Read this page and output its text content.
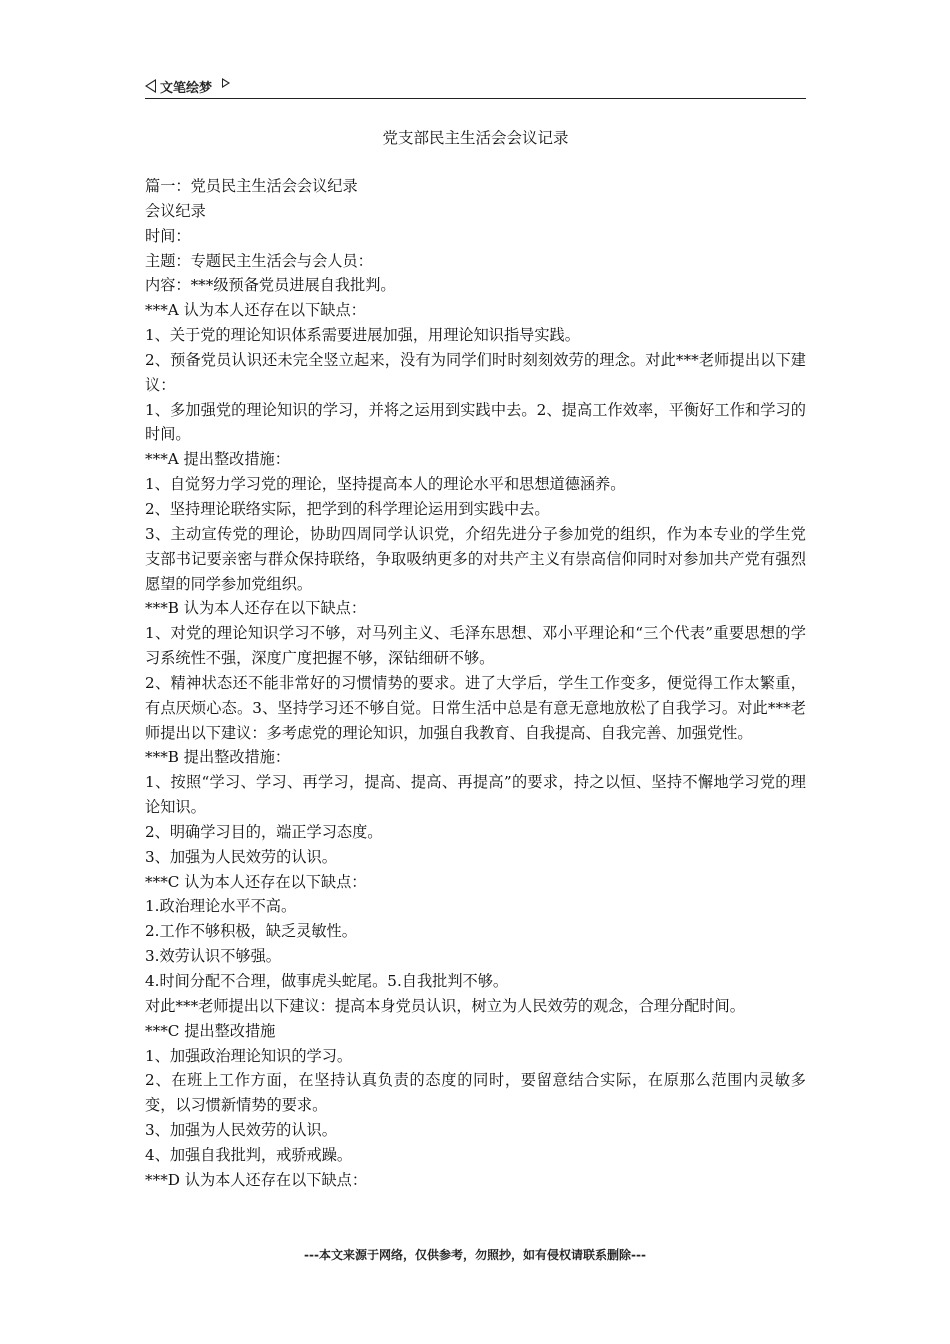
文笔绘梦
党支部民主生活会会议记录

篇一：党员民主生活会会议纪录

会议纪录

时间：

主题：专题民主生活会与会人员：

内容：***级预备党员进展自我批判。

***A 认为本人还存在以下缺点：

1、关于党的理论知识体系需要进展加强，用理论知识指导实践。

2、预备党员认识还未完全竖立起来，没有为同学们时时刻刻效劳的理念。对此***老师提出以下建议：

1、多加强党的理论知识的学习，并将之运用到实践中去。2、提高工作效率，平衡好工作和学习的时间。

***A 提出整改措施：

1、自觉努力学习党的理论，坚持提高本人的理论水平和思想道德涵养。

2、坚持理论联络实际，把学到的科学理论运用到实践中去。

3、主动宣传党的理论，协助四周同学认识党，介绍先进分子参加党的组织，作为本专业的学生党支部书记要亲密与群众保持联络，争取吸纳更多的对共产主义有崇高信仰同时对参加共产党有强烈愿望的同学参加党组织。

***B 认为本人还存在以下缺点：

1、对党的理论知识学习不够，对马列主义、毛泽东思想、邓小平理论和“三个代表”重要思想的学习系统性不强，深度广度把握不够，深钻细研不够。

2、精神状态还不能非常好的习惯情势的要求。进了大学后，学生工作变多，便觉得工作太繁重，有点厌烦心态。3、坚持学习还不够自觉。日常生活中总是有意无意地放松了自我学习。对此***老师提出以下建议：多考虑党的理论知识，加强自我教育、自我提高、自我完善、加强党性。

***B 提出整改措施：

1、按照“学习、学习、再学习，提高、提高、再提高”的要求，持之以恒、坚持不懈地学习党的理论知识。

2、明确学习目的，端正学习态度。

3、加强为人民效劳的认识。

***C 认为本人还存在以下缺点：

1.政治理论水平不高。

2.工作不够积极，缺乏灵敏性。

3.效劳认识不够强。

4.时间分配不合理，做事虎头蛇尾。5.自我批判不够。

对此***老师提出以下建议：提高本身党员认识，树立为人民效劳的观念，合理分配时间。

***C 提出整改措施

1、加强政治理论知识的学习。

2、在班上工作方面，在坚持认真负责的态度的同时，要留意结合实际，在原那么范围内灵敏多变，以习惯新情势的要求。

3、加强为人民效劳的认识。

4、加强自我批判，戒骄戒躁。

***D 认为本人还存在以下缺点：

---本文来源于网络，仅供参考，勿照抄，如有侵权请联系删除---
